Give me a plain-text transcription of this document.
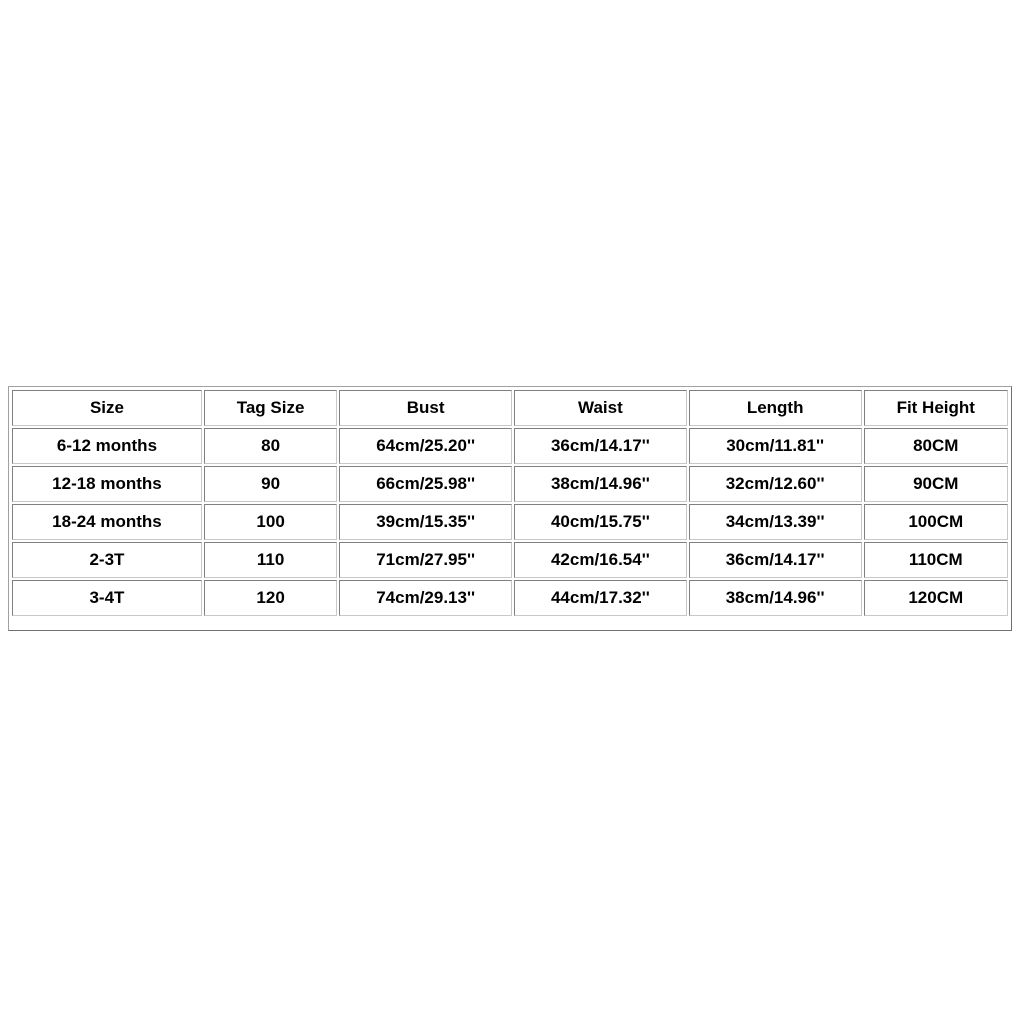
Size	Tag Size	Bust	Waist	Length	Fit Height
6-12 months	80	64cm/25.20''	36cm/14.17''	30cm/11.81''	80CM
12-18 months	90	66cm/25.98''	38cm/14.96''	32cm/12.60''	90CM
18-24 months	100	39cm/15.35''	40cm/15.75''	34cm/13.39''	100CM
2-3T	110	71cm/27.95''	42cm/16.54''	36cm/14.17''	110CM
3-4T	120	74cm/29.13''	44cm/17.32''	38cm/14.96''	120CM
